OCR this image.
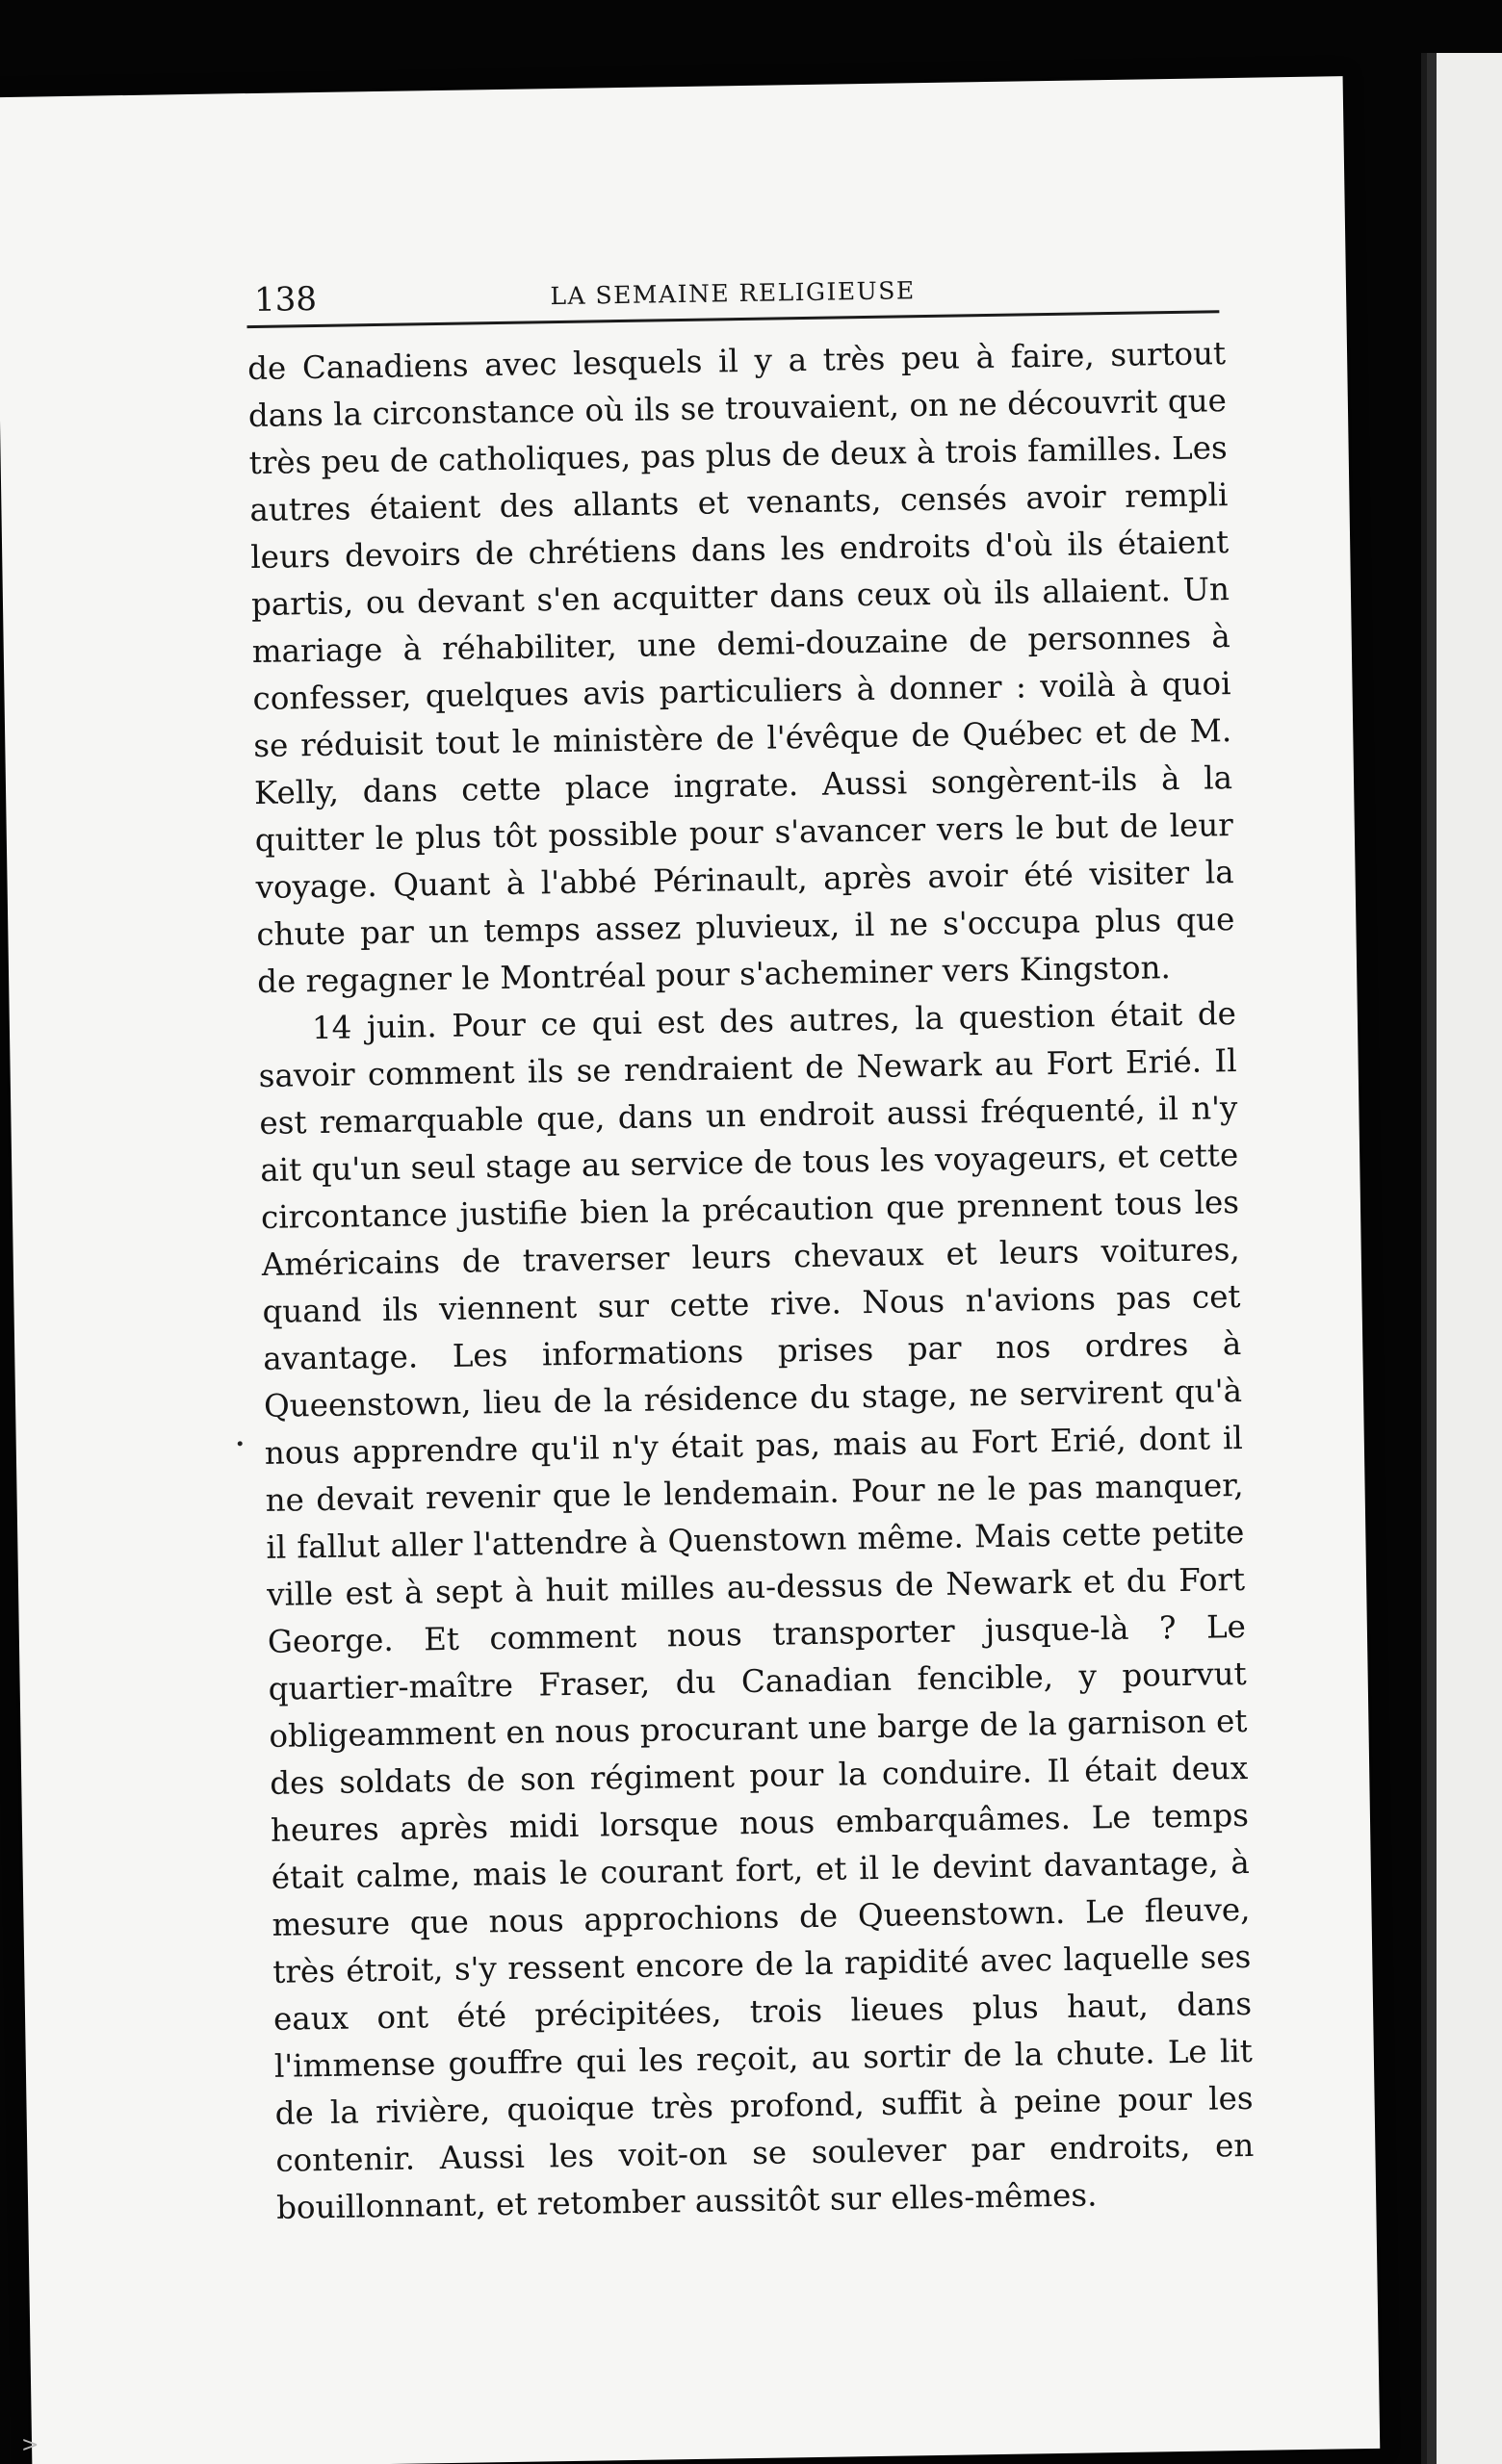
138	LA SEMAINE RELIGIEUSE

de Canadiens avec lesquels il y a très peu à faire, surtout dans la circonstance où ils se trouvaient, on ne découvrit que très peu de catholiques, pas plus de deux à trois familles. Les autres étaient des allants et venants, censés avoir rempli leurs devoirs de chrétiens dans les endroits d'où ils étaient partis, ou devant s'en acquitter dans ceux où ils allaient. Un mariage à réhabiliter, une demi-douzaine de personnes à confesser, quelques avis particuliers à donner : voilà à quoi se réduisit tout le ministère de l'évêque de Québec et de M. Kelly, dans cette place ingrate. Aussi songèrent-ils à la quitter le plus tôt possible pour s'avancer vers le but de leur voyage. Quant à l'abbé Périnault, après avoir été visiter la chute par un temps assez pluvieux, il ne s'occupa plus que de regagner le Montréal pour s'acheminer vers Kingston.

14 juin. Pour ce qui est des autres, la question était de savoir comment ils se rendraient de Newark au Fort Erié. Il est remarquable que, dans un endroit aussi fréquenté, il n'y ait qu'un seul stage au service de tous les voyageurs, et cette circontance justifie bien la précaution que prennent tous les Américains de traverser leurs chevaux et leurs voitures, quand ils viennent sur cette rive. Nous n'avions pas cet avantage. Les informations prises par nos ordres à Queenstown, lieu de la résidence du stage, ne servirent qu'à nous apprendre qu'il n'y était pas, mais au Fort Erié, dont il ne devait revenir que le lendemain. Pour ne le pas manquer, il fallut aller l'attendre à Quenstown même. Mais cette petite ville est à sept à huit milles au-dessus de Newark et du Fort George. Et comment nous transporter jusque-là ? Le quartier-maître Fraser, du Canadian fencible, y pourvut obligeamment en nous procurant une barge de la garnison et des soldats de son régiment pour la conduire. Il était deux heures après midi lorsque nous embarquâmes. Le temps était calme, mais le courant fort, et il le devint davantage, à mesure que nous approchions de Queenstown. Le fleuve, très étroit, s'y ressent encore de la rapidité avec laquelle ses eaux ont été précipitées, trois lieues plus haut, dans l'immense gouffre qui les reçoit, au sortir de la chute. Le lit de la rivière, quoique très profond, suffit à peine pour les contenir. Aussi les voit-on se soulever par endroits, en bouillonnant, et retomber aussitôt sur elles-mêmes.

>
